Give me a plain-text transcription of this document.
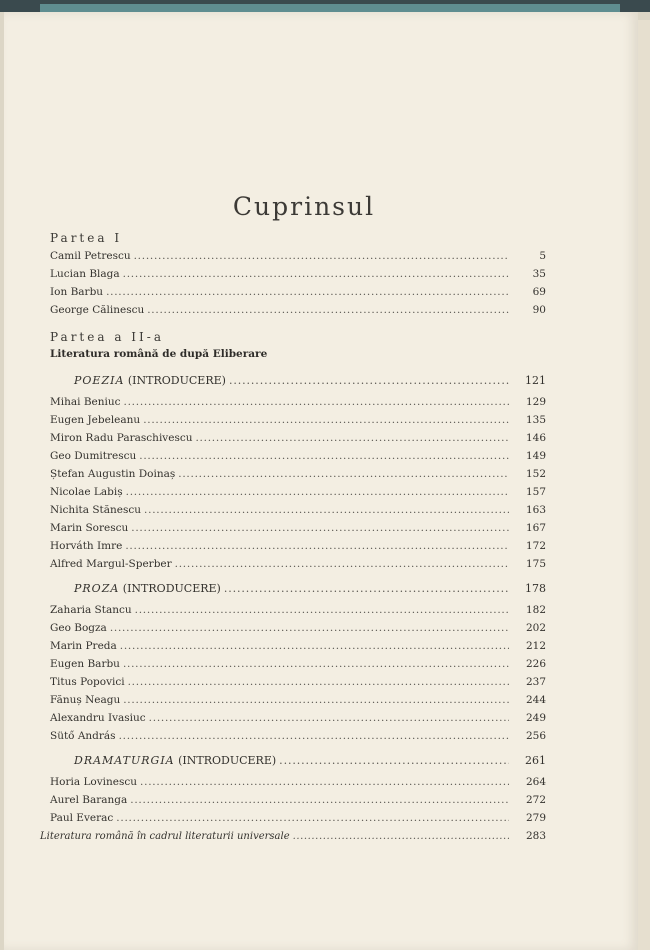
Cuprinsul
Partea I
Camil Petrescu . . .	5
Lucian Blaga . . .	35
Ion Barbu . . .	69
George Călinescu . . .	90
Partea a II-a
Literatura română de după Eliberare
POEZIA (INTRODUCERE) . . .	121
Mihai Beniuc . . .	129
Eugen Jebeleanu . . .	135
Miron Radu Paraschivescu . . .	146
Geo Dumitrescu . . .	149
Ștefan Augustin Doinaș . . .	152
Nicolae Labiș . . .	157
Nichita Stănescu . . .	163
Marin Sorescu . . .	167
Horváth Imre . . .	172
Alfred Margul-Sperber . . .	175
PROZA (INTRODUCERE) . . .	178
Zaharia Stancu . . .	182
Geo Bogza . . .	202
Marin Preda . . .	212
Eugen Barbu . . .	226
Titus Popovici . . .	237
Fănuș Neagu . . .	244
Alexandru Ivasiuc . . .	249
Sütő András . . .	256
DRAMATURGIA (INTRODUCERE) . . .	261
Horia Lovinescu . . .	264
Aurel Baranga . . .	272
Paul Everac . . .	279
Literatura română în cadrul literaturii universale . . .	283
